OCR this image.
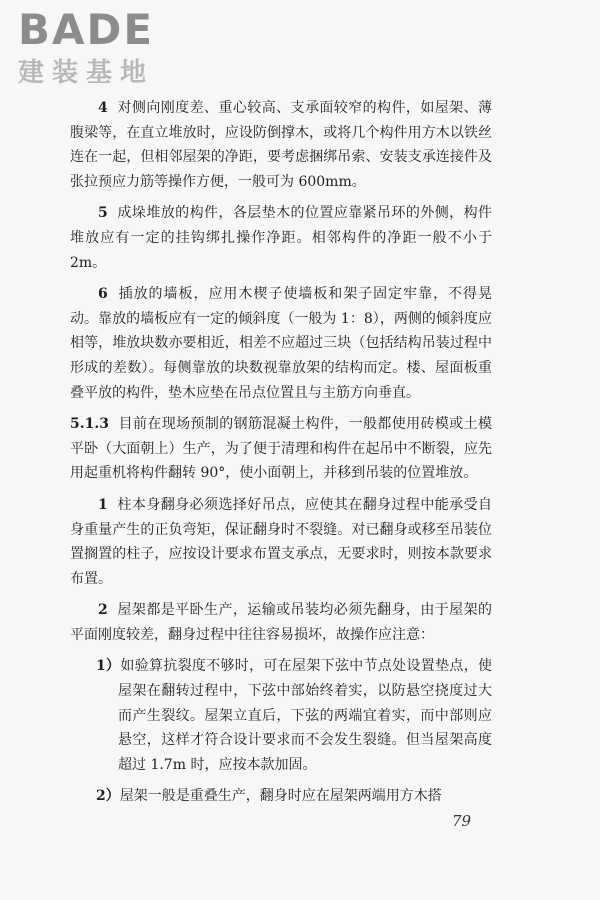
BADE
建装基地

4 对侧向刚度差、重心较高、支承面较窄的构件，如屋架、薄腹梁等，在直立堆放时，应设防倒撑木，或将几个构件用方木以铁丝连在一起，但相邻屋架的净距，要考虑捆绑吊索、安装支承连接件及张拉预应力筋等操作方便，一般可为 600mm。

5 成垛堆放的构件，各层垫木的位置应靠紧吊环的外侧，构件堆放应有一定的挂钩绑扎操作净距。相邻构件的净距一般不小于 2m。

6 插放的墙板，应用木楔子使墙板和架子固定牢靠，不得晃动。靠放的墙板应有一定的倾斜度（一般为 1：8），两侧的倾斜度应相等，堆放块数亦要相近，相差不应超过三块（包括结构吊装过程中形成的差数）。每侧靠放的块数视靠放架的结构而定。楼、屋面板重叠平放的构件，垫木应垫在吊点位置且与主筋方向垂直。

5.1.3 目前在现场预制的钢筋混凝土构件，一般都使用砖模或土模平卧（大面朝上）生产，为了便于清理和构件在起吊中不断裂，应先用起重机将构件翻转 90°，使小面朝上，并移到吊装的位置堆放。

1 柱本身翻身必须选择好吊点，应使其在翻身过程中能承受自身重量产生的正负弯矩，保证翻身时不裂缝。对已翻身或移至吊装位置搁置的柱子，应按设计要求布置支承点，无要求时，则按本款要求布置。

2 屋架都是平卧生产，运输或吊装均必须先翻身，由于屋架的平面刚度较差，翻身过程中往往容易损坏，故操作应注意：

1）如验算抗裂度不够时，可在屋架下弦中节点处设置垫点，使屋架在翻转过程中，下弦中部始终着实，以防悬空挠度过大而产生裂纹。屋架立直后，下弦的两端宜着实，而中部则应悬空，这样才符合设计要求而不会发生裂缝。但当屋架高度超过 1.7m 时，应按本款加固。

2）屋架一般是重叠生产，翻身时应在屋架两端用方木搭

79
